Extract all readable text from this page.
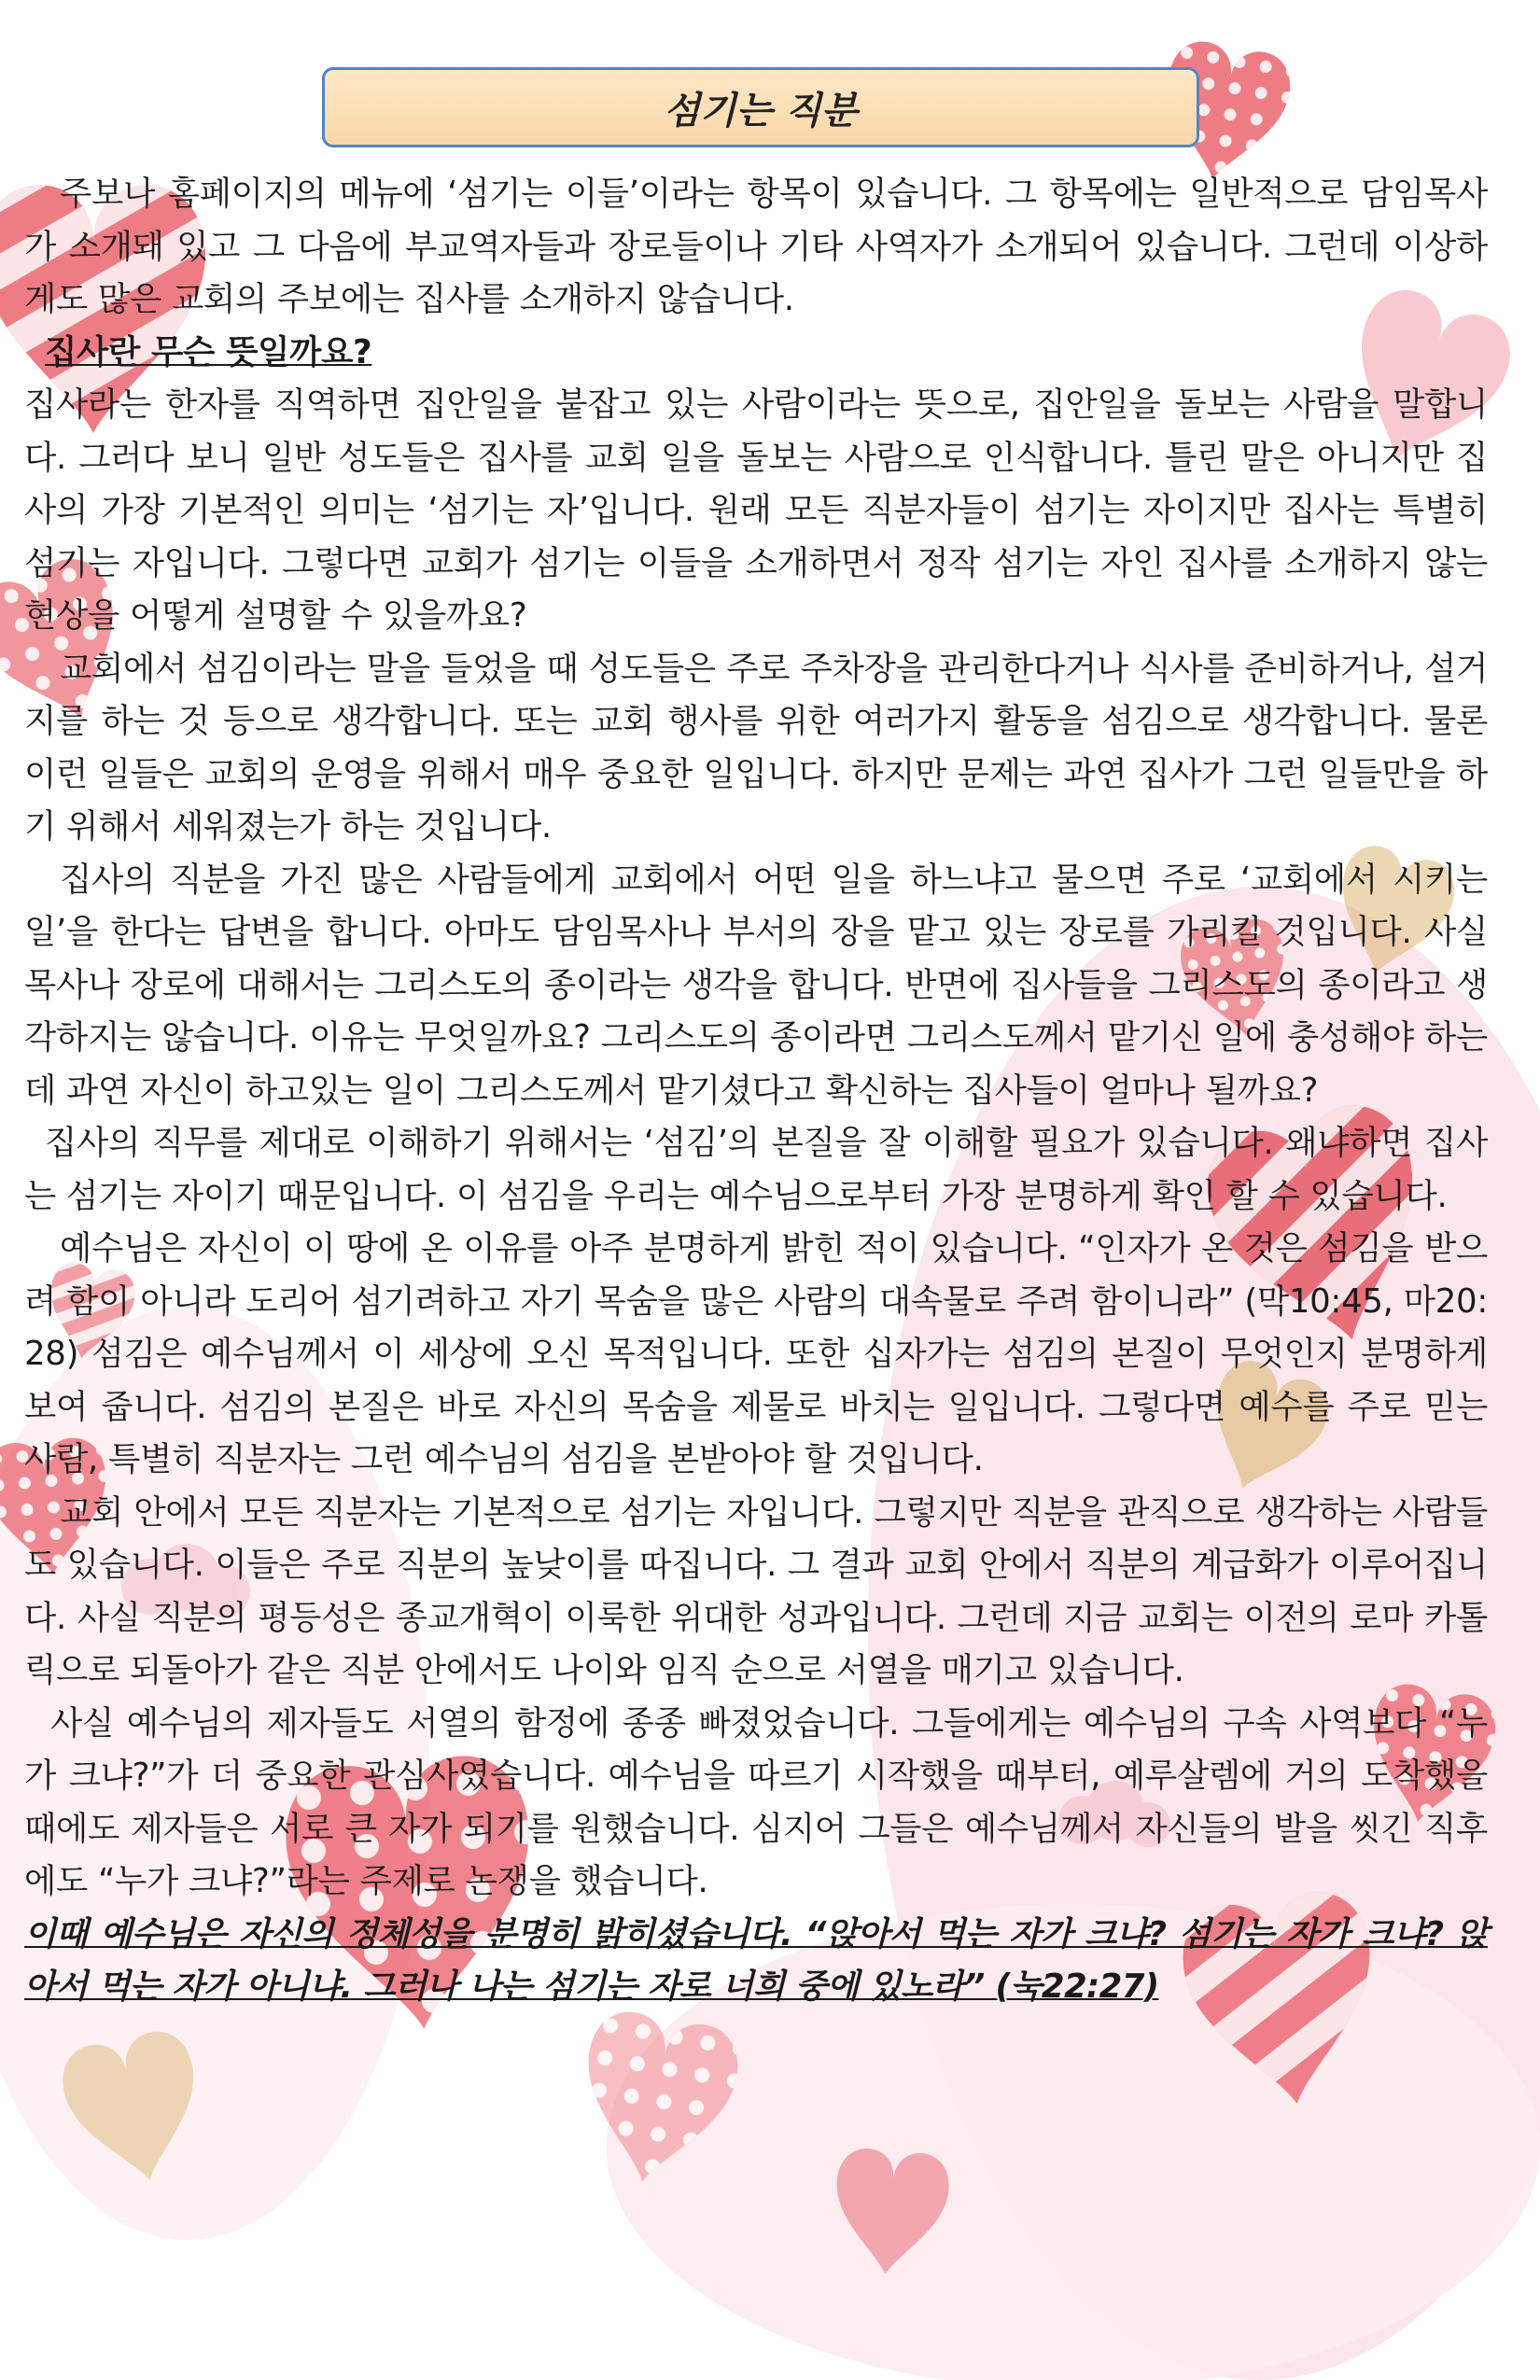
섬기는 직분

주보나 홈페이지의 메뉴에 ‘섬기는 이들’이라는 항목이 있습니다. 그 항목에는 일반적으로 담임목사가 소개돼 있고 그 다음에 부교역자들과 장로들이나 기타 사역자가 소개되어 있습니다. 그런데 이상하게도 많은 교회의 주보에는 집사를 소개하지 않습니다.

집사란 무슨 뜻일까요?

집사라는 한자를 직역하면 집안일을 붙잡고 있는 사람이라는 뜻으로, 집안일을 돌보는 사람을 말합니다. 그러다 보니 일반 성도들은 집사를 교회 일을 돌보는 사람으로 인식합니다. 틀린 말은 아니지만 집사의 가장 기본적인 의미는 ‘섬기는 자’입니다. 원래 모든 직분자들이 섬기는 자이지만 집사는 특별히 섬기는 자입니다. 그렇다면 교회가 섬기는 이들을 소개하면서 정작 섬기는 자인 집사를 소개하지 않는 현상을 어떻게 설명할 수 있을까요?

교회에서 섬김이라는 말을 들었을 때 성도들은 주로 주차장을 관리한다거나 식사를 준비하거나, 설거지를 하는 것 등으로 생각합니다. 또는 교회 행사를 위한 여러가지 활동을 섬김으로 생각합니다. 물론 이런 일들은 교회의 운영을 위해서 매우 중요한 일입니다. 하지만 문제는 과연 집사가 그런 일들만을 하기 위해서 세워졌는가 하는 것입니다.

집사의 직분을 가진 많은 사람들에게 교회에서 어떤 일을 하느냐고 물으면 주로 ‘교회에서 시키는 일’을 한다는 답변을 합니다. 아마도 담임목사나 부서의 장을 맡고 있는 장로를 가리킬 것입니다. 사실 목사나 장로에 대해서는 그리스도의 종이라는 생각을 합니다. 반면에 집사들을 그리스도의 종이라고 생각하지는 않습니다. 이유는 무엇일까요? 그리스도의 종이라면 그리스도께서 맡기신 일에 충성해야 하는데 과연 자신이 하고있는 일이 그리스도께서 맡기셨다고 확신하는 집사들이 얼마나 될까요?

집사의 직무를 제대로 이해하기 위해서는 ‘섬김’의 본질을 잘 이해할 필요가 있습니다. 왜냐하면 집사는 섬기는 자이기 때문입니다. 이 섬김을 우리는 예수님으로부터 가장 분명하게 확인 할 수 있습니다.

예수님은 자신이 이 땅에 온 이유를 아주 분명하게 밝힌 적이 있습니다. “인자가 온 것은 섬김을 받으려 함이 아니라 도리어 섬기려하고 자기 목숨을 많은 사람의 대속물로 주려 함이니라” (막10:45, 마20:28) 섬김은 예수님께서 이 세상에 오신 목적입니다. 또한 십자가는 섬김의 본질이 무엇인지 분명하게 보여 줍니다. 섬김의 본질은 바로 자신의 목숨을 제물로 바치는 일입니다. 그렇다면 예수를 주로 믿는 사람, 특별히 직분자는 그런 예수님의 섬김을 본받아야 할 것입니다.

교회 안에서 모든 직분자는 기본적으로 섬기는 자입니다. 그렇지만 직분을 관직으로 생각하는 사람들도 있습니다. 이들은 주로 직분의 높낮이를 따집니다. 그 결과 교회 안에서 직분의 계급화가 이루어집니다. 사실 직분의 평등성은 종교개혁이 이룩한 위대한 성과입니다. 그런데 지금 교회는 이전의 로마 카톨릭으로 되돌아가 같은 직분 안에서도 나이와 임직 순으로 서열을 매기고 있습니다.

사실 예수님의 제자들도 서열의 함정에 종종 빠졌었습니다. 그들에게는 예수님의 구속 사역보다 “누가 크냐?”가 더 중요한 관심사였습니다. 예수님을 따르기 시작했을 때부터, 예루살렘에 거의 도착했을 때에도 제자들은 서로 큰 자가 되기를 원했습니다. 심지어 그들은 예수님께서 자신들의 발을 씻긴 직후에도 “누가 크냐?”라는 주제로 논쟁을 했습니다.

이때 예수님은 자신의 정체성을 분명히 밝히셨습니다. “앉아서 먹는 자가 크냐? 섬기는 자가 크냐? 앉아서 먹는 자가 아니냐. 그러나 나는 섬기는 자로 너희 중에 있노라” (눅22:27)
